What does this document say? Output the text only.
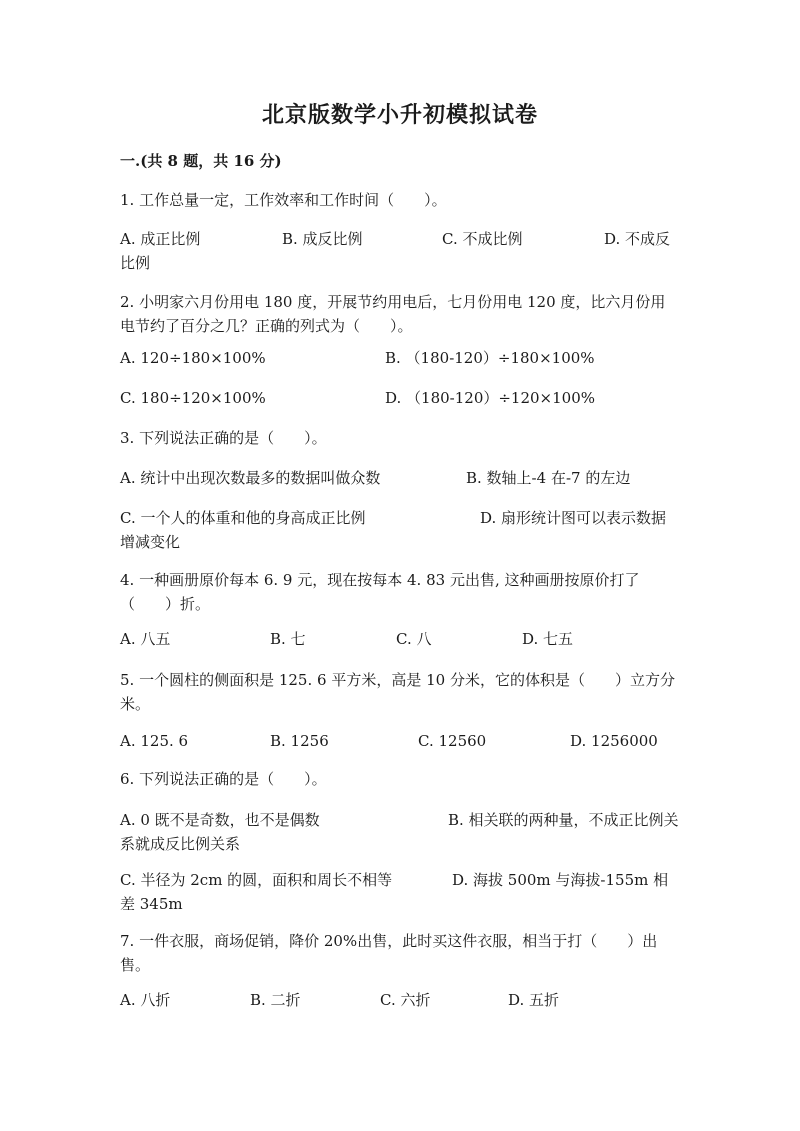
北京版数学小升初模拟试卷
一.(共 8 题，共 16 分)
1. 工作总量一定，工作效率和工作时间（　　）。
A. 成正比例	B. 成反比例	C. 不成比例	D. 不成反比例
2. 小明家六月份用电 180 度，开展节约用电后，七月份用电 120 度，比六月份用电节约了百分之几？正确的列式为（　　）。
A. 120÷180×100%	B. （180-120）÷180×100%
C. 180÷120×100%	D. （180-120）÷120×100%
3. 下列说法正确的是（　　）。
A. 统计中出现次数最多的数据叫做众数	B. 数轴上-4 在-7 的左边
C. 一个人的体重和他的身高成正比例	D. 扇形统计图可以表示数据增减变化
4. 一种画册原价每本 6. 9 元，现在按每本 4. 83 元出售, 这种画册按原价打了（　　）折。
A. 八五	B. 七	C. 八	D. 七五
5. 一个圆柱的侧面积是 125. 6 平方米，高是 10 分米，它的体积是（　　）立方分米。
A. 125. 6	B. 1256	C. 12560	D. 1256000
6. 下列说法正确的是（　　）。
A. 0 既不是奇数，也不是偶数	B. 相关联的两种量，不成正比例关系就成反比例关系
C. 半径为 2cm 的圆，面积和周长不相等	D. 海拔 500m 与海拔-155m 相差 345m
7. 一件衣服，商场促销，降价 20%出售，此时买这件衣服，相当于打（　　）出售。
A. 八折	B. 二折	C. 六折	D. 五折
